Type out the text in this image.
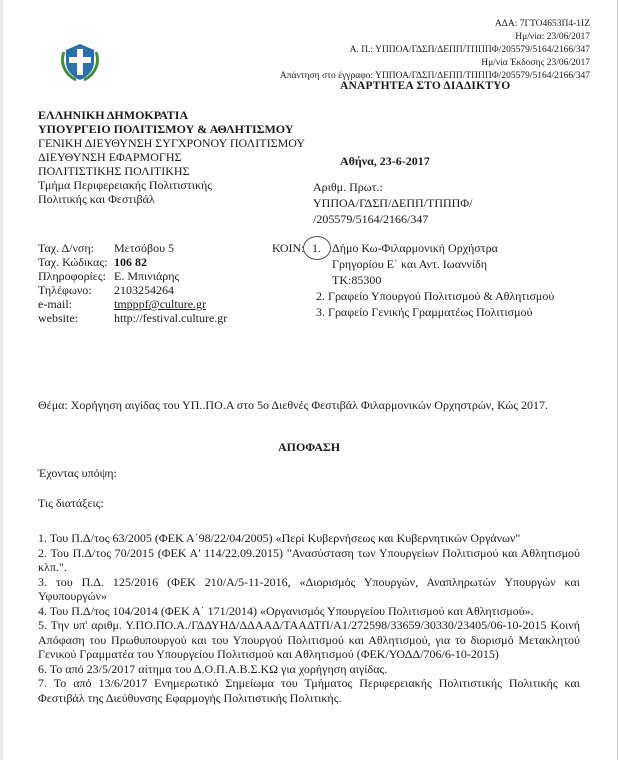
ΑΔΑ: 7ΓΤΟ4653Π4-1ΙΖ
Ημ/νία: 23/06/2017
Α. Π.: ΥΠΠΟΑ/ΓΔΣΠ/ΔΕΠΠ/ΤΠΠΠΦ/205579/5164/2166/347
Ημ/νία Έκδοσης 23/06/2017
Απάντηση στο έγγραφο: ΥΠΠΟΑ/ΓΔΣΠ/ΔΕΠΠ/ΤΠΠΠΦ/205579/5164/2166/347
ΑΝΑΡΤΗΤΕΑ ΣΤΟ ΔΙΑΔΙΚΤΥΟ
ΕΛΛΗΝΙΚΗ ΔΗΜΟΚΡΑΤΙΑ
ΥΠΟΥΡΓΕΙΟ ΠΟΛΙΤΙΣΜΟΥ & ΑΘΛΗΤΙΣΜΟΥ
ΓΕΝΙΚΗ ΔΙΕΥΘΥΝΣΗ ΣΥΓΧΡΟΝΟΥ ΠΟΛΙΤΙΣΜΟΥ
ΔΙΕΥΘΥΝΣΗ ΕΦΑΡΜΟΓΗΣ
ΠΟΛΙΤΙΣΤΙΚΗΣ ΠΟΛΙΤΙΚΗΣ
Τμήμα Περιφερειακής Πολιτιστικής
Πολιτικής και Φεστιβάλ
Αθήνα, 23-6-2017
Αριθμ. Πρωτ.:
ΥΠΠΟΑ/ΓΔΣΠ/ΔΕΠΠ/ΤΠΠΠΦ/
/205579/5164/2166/347
Ταχ. Δ/νση:	Μετσόβου 5
Ταχ. Κώδικας:	106 82
Πληροφορίες:	Ε. Μπινιάρης
Τηλέφωνο:	2103254264
e-mail:	tmpppf@culture.gr
website:	http://festival.culture.gr
ΚΟΙΝ: 1. Δήμο Κω-Φιλαρμονική Ορχήστρα
Γρηγορίου Ε΄ και Αντ. Ιωαννίδη
ΤΚ:85300
2. Γραφείο Υπουργού Πολιτισμού & Αθλητισμού
3. Γραφείο Γενικής Γραμματέως Πολιτισμού
Θέμα: Χορήγηση αιγίδας του ΥΠ..ΠΟ.Α στο 5ο Διεθνές Φεστιβάλ Φιλαρμονικών Ορχηστρών, Κώς 2017.
ΑΠΟΦΑΣΗ
Έχοντας υπόψη:
Τις διατάξεις:

1. Του Π.Δ/τος 63/2005 (ΦΕΚ Α΄98/22/04/2005) «Περί Κυβερνήσεως και Κυβερνητικών Οργάνων"

2. Του Π.Δ/τος 70/2015 (ΦΕΚ Α' 114/22.09.2015) "Ανασύσταση των Υπουργείων Πολιτισμού και Αθλητισμού κλπ.".

3. του Π.Δ. 125/2016 (ΦΕΚ 210/Α/5-11-2016, «Διορισμός Υπουργών, Αναπληρωτών Υπουργών και Υφυπουργών»

4. Του Π.Δ/τος 104/2014 (ΦΕΚ Α΄ 171/2014) «Οργανισμός Υπουργείου Πολιτισμού και Αθλητισμού».

5. Την υπ' αριθμ. Υ.ΠΟ.ΠΟ.Α./ΓΔΔΥΗΔ/ΔΔΑΑΔ/ΤΑΑΔΤΠ/Α1/272598/33659/30330/23405/06-10-2015 Κοινή Απόφαση του Πρωθυπουργού και του Υπουργού Πολιτισμού και Αθλητισμού, για το διορισμό Μετακλητού Γενικού Γραμματέα του Υπουργείου Πολιτισμού και Αθλητισμού (ΦΕΚ/ΥΟΔΔ/706/6-10-2015)

6. Το από 23/5/2017 αίτημα του Δ.Ο.Π.Α.Β.Σ.ΚΩ για χορήγηση αιγίδας.

7. Το από 13/6/2017 Ενημερωτικό Σημείωμα του Τμήματος Περιφερειακής Πολιτιστικής Πολιτικής και Φεστιβάλ της Διεύθυνσης Εφαρμογής Πολιτιστικής Πολιτικής.
